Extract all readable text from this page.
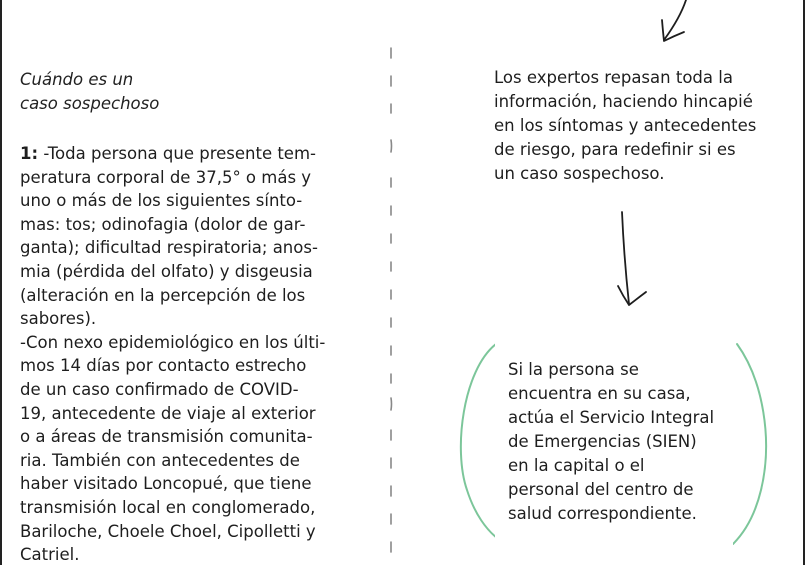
Cuándo es un
caso sospechoso
1: -Toda persona que presente tem-
peratura corporal de 37,5° o más y
uno o más de los siguientes sínto-
mas: tos; odinofagia (dolor de gar-
ganta); dificultad respiratoria; anos-
mia (pérdida del olfato) y disgeusia
(alteración en la percepción de los
sabores).
-Con nexo epidemiológico en los últi-
mos 14 días por contacto estrecho
de un caso confirmado de COVID-
19, antecedente de viaje al exterior
o a áreas de transmisión comunita-
ria. También con antecedentes de
haber visitado Loncopué, que tiene
transmisión local en conglomerado,
Bariloche, Choele Choel, Cipolletti y
Catriel.
Los expertos repasan toda la
información, haciendo hincapié
en los síntomas y antecedentes
de riesgo, para redefinir si es
un caso sospechoso.
Si la persona se
encuentra en su casa,
actúa el Servicio Integral
de Emergencias (SIEN)
en la capital o el
personal del centro de
salud correspondiente.
